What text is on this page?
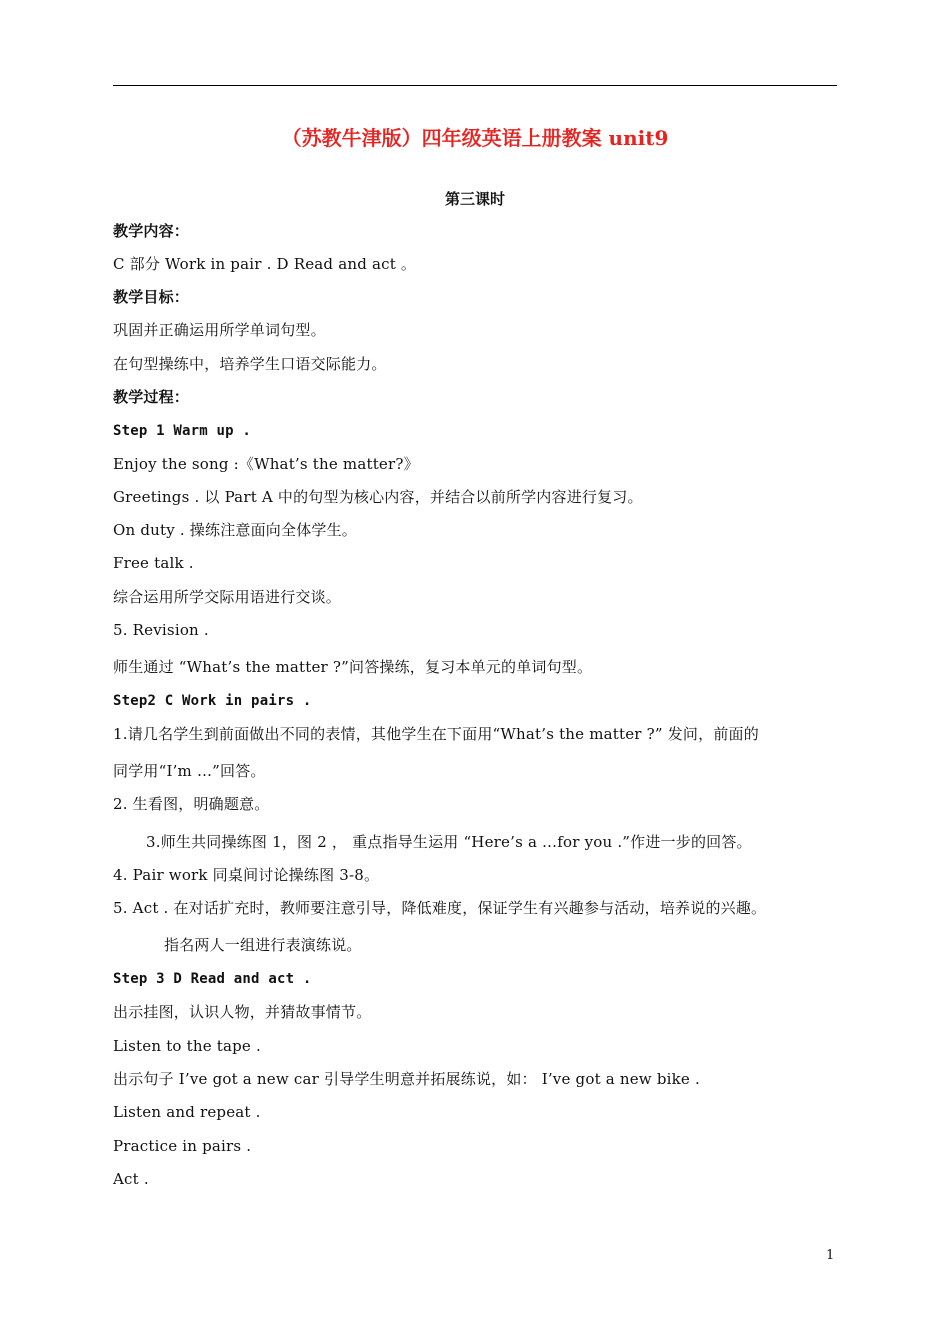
（苏教牛津版）四年级英语上册教案 unit9
第三课时
教学内容：
C 部分 Work in pair . D Read and act 。
教学目标：
巩固并正确运用所学单词句型。
在句型操练中，培养学生口语交际能力。
教学过程：
Step 1 Warm up .
Enjoy the song :《What’s the matter?》
Greetings . 以 Part A 中的句型为核心内容，并结合以前所学内容进行复习。
On duty . 操练注意面向全体学生。
Free talk .
综合运用所学交际用语进行交谈。
5. Revision .
师生通过 “What’s the matter ?”问答操练，复习本单元的单词句型。
Step2 C Work in pairs .
1.请几名学生到前面做出不同的表情，其他学生在下面用“What’s the matter ?” 发问，前面的
同学用“I’m …”回答。
2. 生看图，明确题意。
3.师生共同操练图 1，图 2 ， 重点指导生运用 “Here’s a …for you .”作进一步的回答。
4. Pair work 同桌间讨论操练图 3-8。
5. Act . 在对话扩充时，教师要注意引导，降低难度，保证学生有兴趣参与活动，培养说的兴趣。
指名两人一组进行表演练说。
Step 3 D Read and act .
出示挂图，认识人物，并猜故事情节。
Listen to the tape .
出示句子 I’ve got a new car 引导学生明意并拓展练说，如： I’ve got a new bike .
Listen and repeat .
Practice in pairs .
Act .
1
